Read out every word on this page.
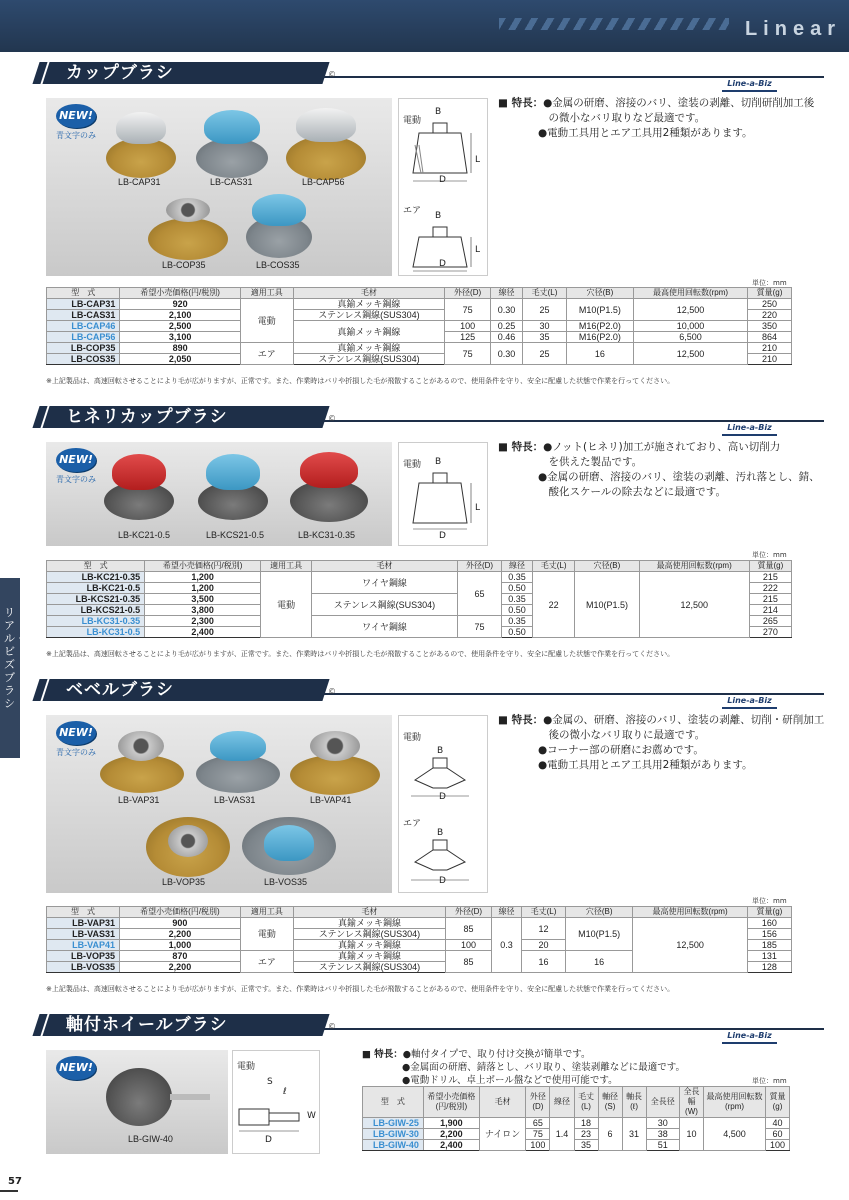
Linear
リアル・ビズ　ブラシ
カップブラシ	©
Line-a-Biz
NEW!
青文字のみ
LB-CAP31	LB-CAS31	LB-CAP56
LB-COP35	LB-COS35
電動
B
L
D
エア B
L
D
■ 特長：●金属の研磨、溶接のバリ、塗装の剥離、切削研削加工後
　の微小なバリ取りなど最適です。
●電動工具用とエア工具用2種類があります。
単位：mm
型　式	希望小売価格(円/税別)	適用工具	毛材	外径(D)	線径	毛丈(L)	穴径(B)	最高使用回転数(rpm)	質量(g)
LB-CAP31	920	電動	真鍮メッキ鋼線	75	0.30	25	M10(P1.5)	12,500	250
LB-CAS31	2,100		ステンレス鋼線(SUS304)						220
LB-CAP46	2,500		真鍮メッキ鋼線	100	0.25	30	M16(P2.0)	10,000	350
LB-CAP56	3,100			125	0.46	35	M16(P2.0)	6,500	864
LB-COP35	890	エア	真鍮メッキ鋼線	75	0.30	25	16	12,500	210
LB-COS35	2,050		ステンレス鋼線(SUS304)						210
※上記製品は、高速回転させることにより毛が広がりますが、正常です。また、作業時はバリや折損した毛が飛散することがあるので、使用条件を守り、安全に配慮した状態で作業を行ってください。
ヒネリカップブラシ	©
Line-a-Biz
NEW!
青文字のみ
LB-KC21-0.5	LB-KCS21-0.5	LB-KC31-0.35
電動 B
L
D
■ 特長：●ノット(ヒネリ)加工が施されており、高い切削力
　を供えた製品です。
●金属の研磨、溶接のバリ、塗装の剥離、汚れ落とし、錆、
　酸化スケールの除去などに最適です。
単位：mm
型　式	希望小売価格(円/税別)	適用工具	毛材	外径(D)	線径	毛丈(L)	穴径(B)	最高使用回転数(rpm)	質量(g)
LB-KC21-0.35	1,200	電動	ワイヤ鋼線	65	0.35	22	M10(P1.5)	12,500	215
LB-KC21-0.5	1,200				0.50				222
LB-KCS21-0.35	3,500		ステンレス鋼線(SUS304)		0.35				215
LB-KCS21-0.5	3,800				0.50				214
LB-KC31-0.35	2,300		ワイヤ鋼線	75	0.35				265
LB-KC31-0.5	2,400				0.50				270
※上記製品は、高速回転させることにより毛が広がりますが、正常です。また、作業時はバリや折損した毛が飛散することがあるので、使用条件を守り、安全に配慮した状態で作業を行ってください。
ベベルブラシ	©
Line-a-Biz
NEW!
青文字のみ
LB-VAP31	LB-VAS31	LB-VAP41
LB-VOP35	LB-VOS35
電動
B
D
エア
B
D
■ 特長：●金属の、研磨、溶接のバリ、塗装の剥離、切削・研削加工
　後の微小なバリ取りに最適です。
●コーナー部の研磨にお薦めです。
●電動工具用とエア工具用2種類があります。
単位：mm
型　式	希望小売価格(円/税別)	適用工具	毛材	外径(D)	線径	毛丈(L)	穴径(B)	最高使用回転数(rpm)	質量(g)
LB-VAP31	900	電動	真鍮メッキ鋼線	85	0.3	12	M10(P1.5)	12,500	160
LB-VAS31	2,200		ステンレス鋼線(SUS304)						156
LB-VAP41	1,000		真鍮メッキ鋼線	100		20			185
LB-VOP35	870	エア	真鍮メッキ鋼線	85		16	16		131
LB-VOS35	2,200		ステンレス鋼線(SUS304)						128
※上記製品は、高速回転させることにより毛が広がりますが、正常です。また、作業時はバリや折損した毛が飛散することがあるので、使用条件を守り、安全に配慮した状態で作業を行ってください。
軸付ホイールブラシ	©
Line-a-Biz
NEW!
LB-GIW-40
電動
S
ℓ
W
D
■ 特長：●軸付タイプで、取り付け交換が簡単です。
●金属面の研磨、錆落とし、バリ取り、塗装剥離などに最適です。
●電動ドリル、卓上ボール盤などで使用可能です。	単位：mm
型　式	希望小売価格(円/税別)	毛材	外径(D)	線径	毛丈(L)	軸径(S)	軸長(ℓ)	全長径	全長幅(W)	最高使用回転数(rpm)	質量(g)
LB-GIW-25	1,900	ナイロン	65	1.4	18	6	31	30	10	4,500	40
LB-GIW-30	2,200		75		23			38			60
LB-GIW-40	2,400		100		35			51			100
57
